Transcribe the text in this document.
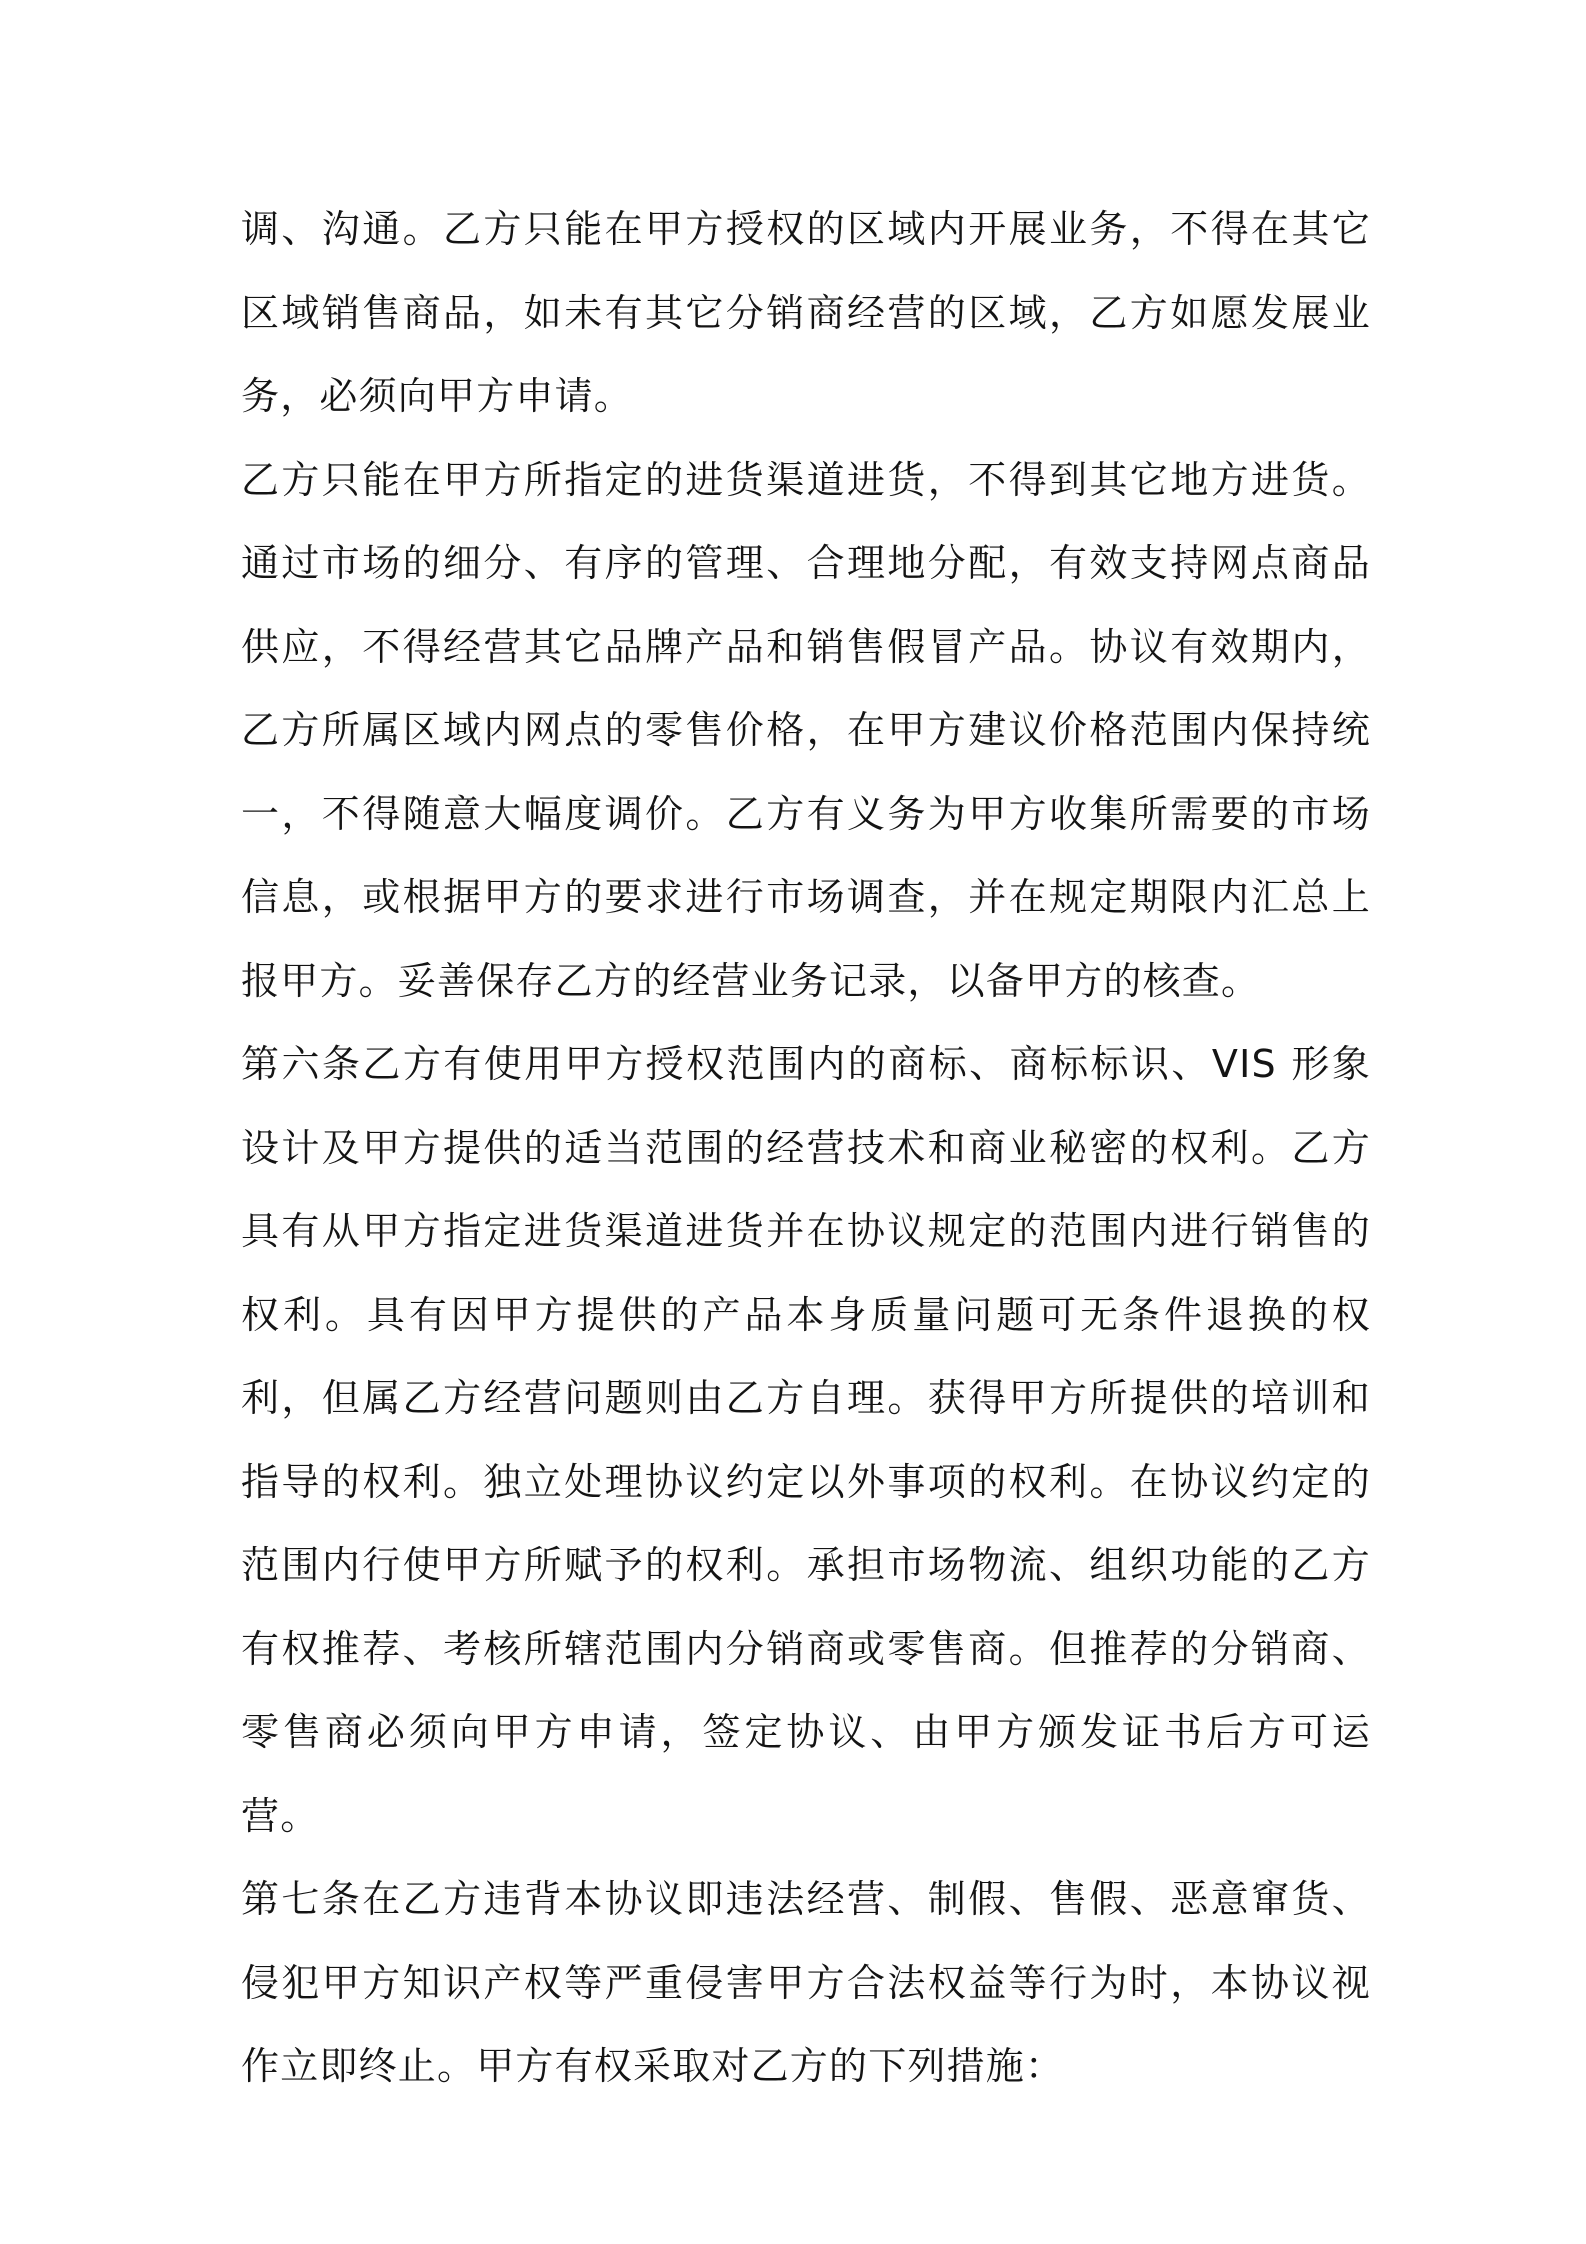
调、沟通。乙方只能在甲方授权的区域内开展业务，不得在其它区域销售商品，如未有其它分销商经营的区域，乙方如愿发展业务，必须向甲方申请。

乙方只能在甲方所指定的进货渠道进货，不得到其它地方进货。通过市场的细分、有序的管理、合理地分配，有效支持网点商品供应，不得经营其它品牌产品和销售假冒产品。协议有效期内，乙方所属区域内网点的零售价格，在甲方建议价格范围内保持统一，不得随意大幅度调价。乙方有义务为甲方收集所需要的市场信息，或根据甲方的要求进行市场调查，并在规定期限内汇总上报甲方。妥善保存乙方的经营业务记录，以备甲方的核查。

第六条乙方有使用甲方授权范围内的商标、商标标识、VIS 形象设计及甲方提供的适当范围的经营技术和商业秘密的权利。乙方具有从甲方指定进货渠道进货并在协议规定的范围内进行销售的权利。具有因甲方提供的产品本身质量问题可无条件退换的权利，但属乙方经营问题则由乙方自理。获得甲方所提供的培训和指导的权利。独立处理协议约定以外事项的权利。在协议约定的范围内行使甲方所赋予的权利。承担市场物流、组织功能的乙方有权推荐、考核所辖范围内分销商或零售商。但推荐的分销商、零售商必须向甲方申请，签定协议、由甲方颁发证书后方可运营。

第七条在乙方违背本协议即违法经营、制假、售假、恶意窜货、侵犯甲方知识产权等严重侵害甲方合法权益等行为时，本协议视作立即终止。甲方有权采取对乙方的下列措施：
